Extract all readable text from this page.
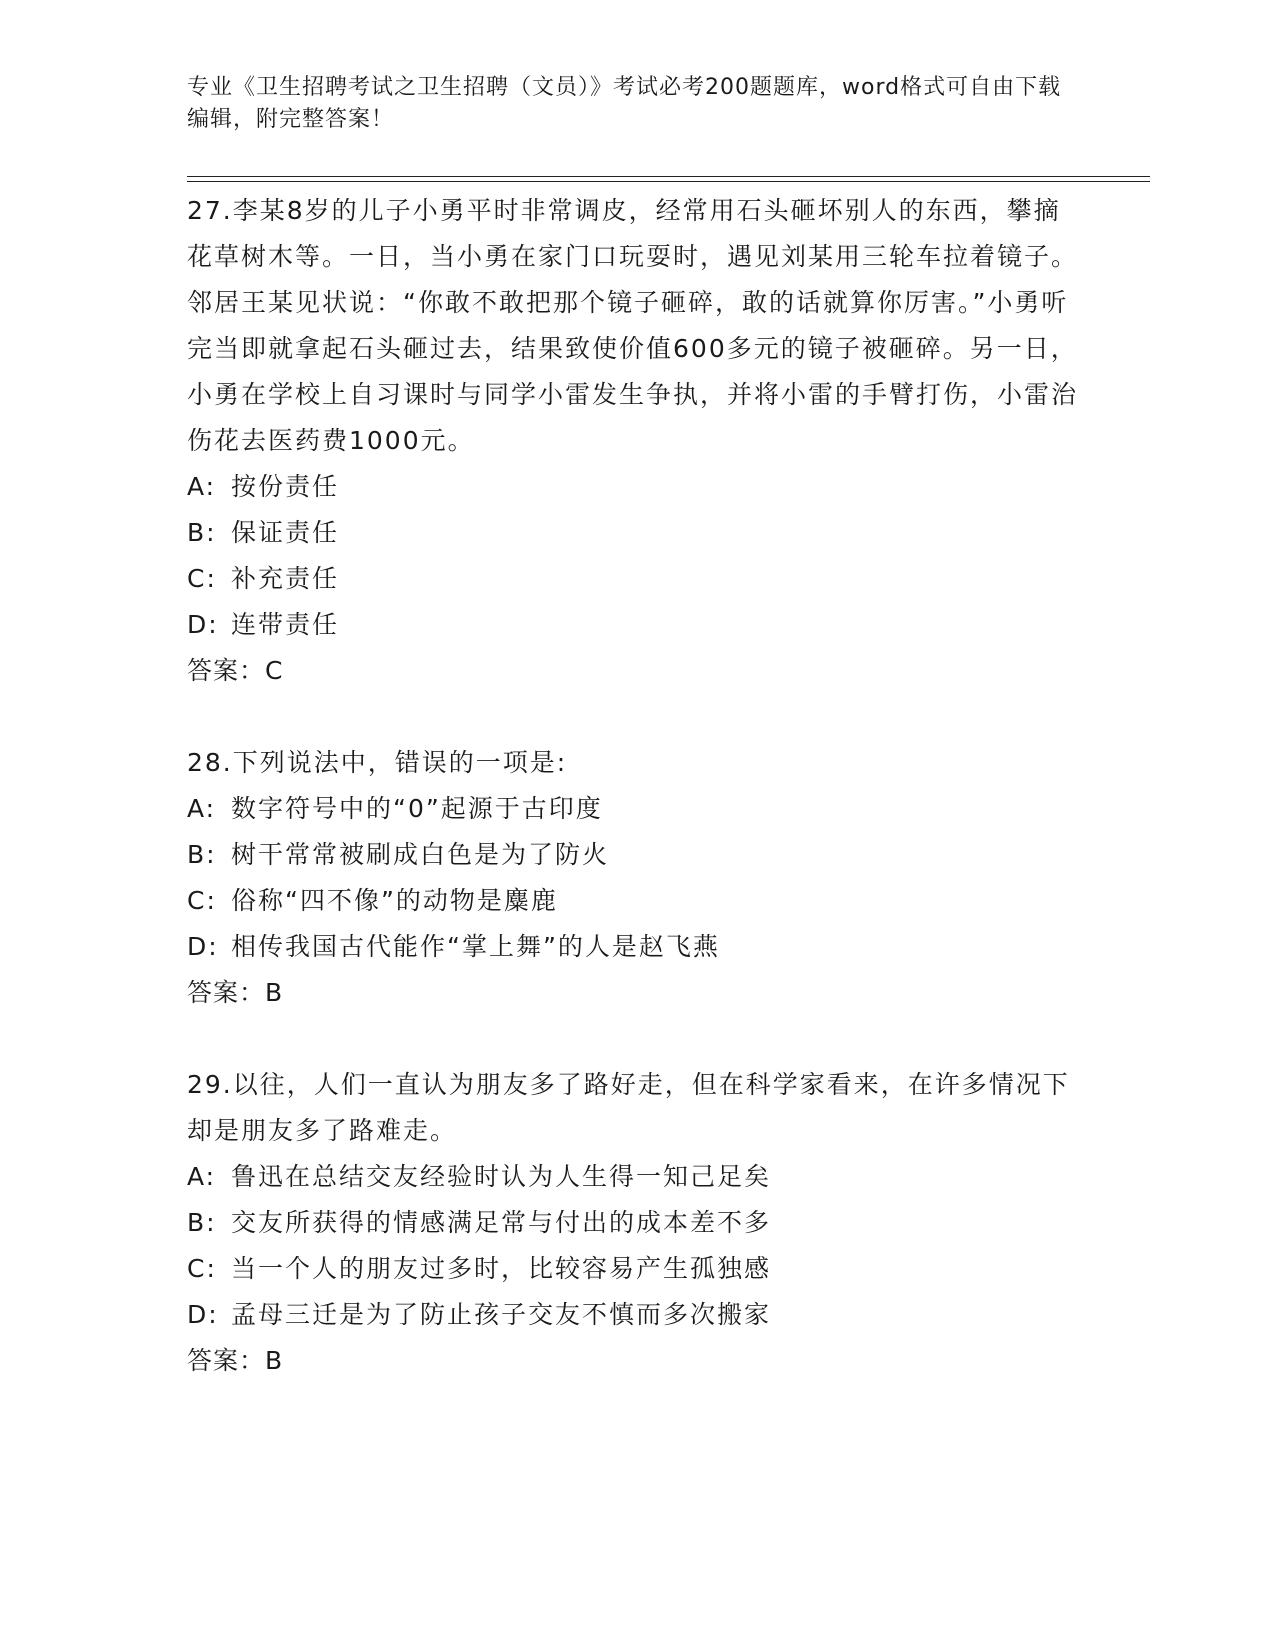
专业《卫生招聘考试之卫生招聘（文员）》考试必考200题题库，word格式可自由下载编辑，附完整答案！

27.李某8岁的儿子小勇平时非常调皮，经常用石头砸坏别人的东西，攀摘花草树木等。一日，当小勇在家门口玩耍时，遇见刘某用三轮车拉着镜子。邻居王某见状说：“你敢不敢把那个镜子砸碎，敢的话就算你厉害。”小勇听完当即就拿起石头砸过去，结果致使价值600多元的镜子被砸碎。另一日，小勇在学校上自习课时与同学小雷发生争执，并将小雷的手臂打伤，小雷治伤花去医药费1000元。

A: 按份责任

B: 保证责任

C: 补充责任

D: 连带责任

答案：C

28.下列说法中，错误的一项是:

A: 数字符号中的“0”起源于古印度

B: 树干常常被刷成白色是为了防火

C: 俗称“四不像”的动物是麋鹿

D: 相传我国古代能作“掌上舞”的人是赵飞燕

答案：B

29.以往，人们一直认为朋友多了路好走，但在科学家看来，在许多情况下却是朋友多了路难走。

A: 鲁迅在总结交友经验时认为人生得一知己足矣

B: 交友所获得的情感满足常与付出的成本差不多

C: 当一个人的朋友过多时，比较容易产生孤独感

D: 孟母三迁是为了防止孩子交友不慎而多次搬家

答案：B
